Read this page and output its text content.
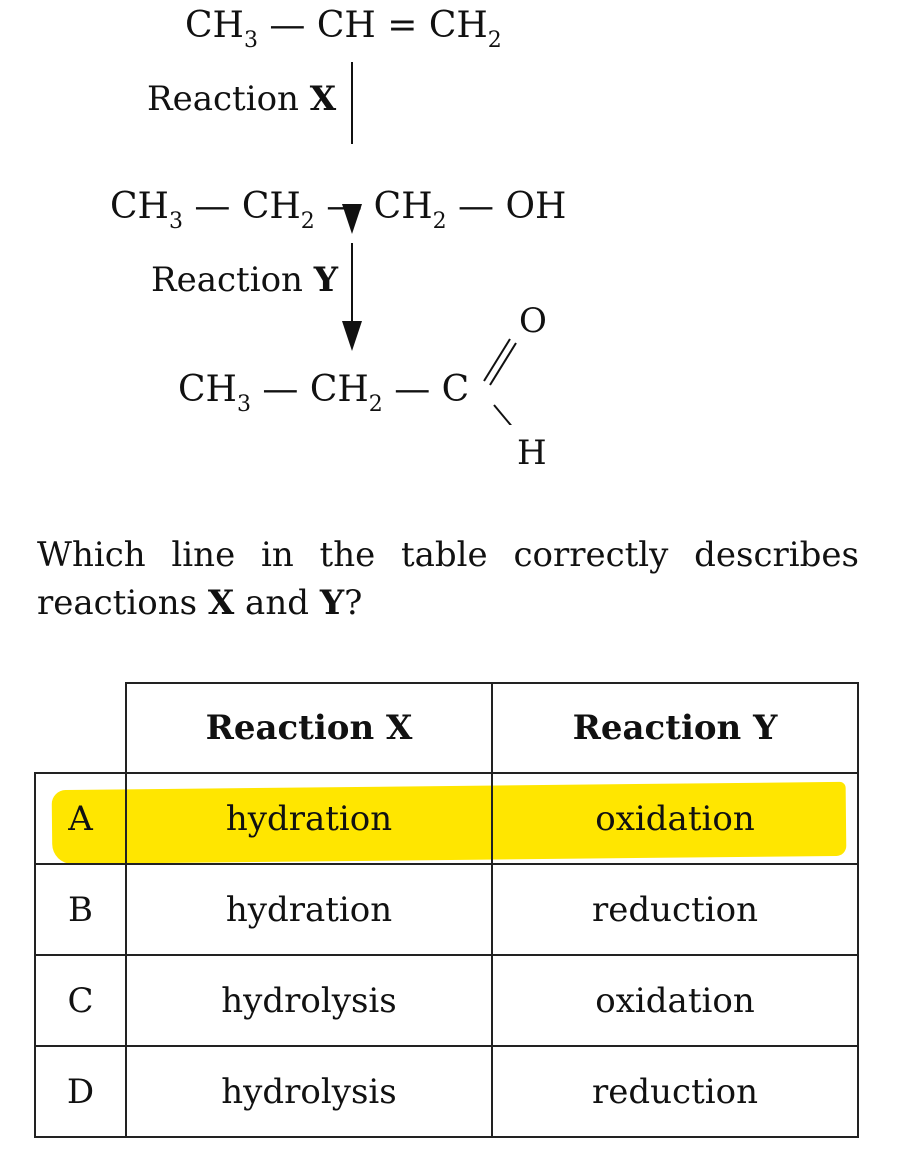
$CH_3$ — CH = $CH_2$
Reaction X
$CH_3$ — $CH_2$ — $CH_2$ — OH
Reaction Y
$CH_3$ — $CH_2$ — C
O
H
Which line in the table correctly describes reactions X and Y?
	Reaction X	Reaction Y
A	hydration	oxidation
B	hydration	reduction
C	hydrolysis	oxidation
D	hydrolysis	reduction
